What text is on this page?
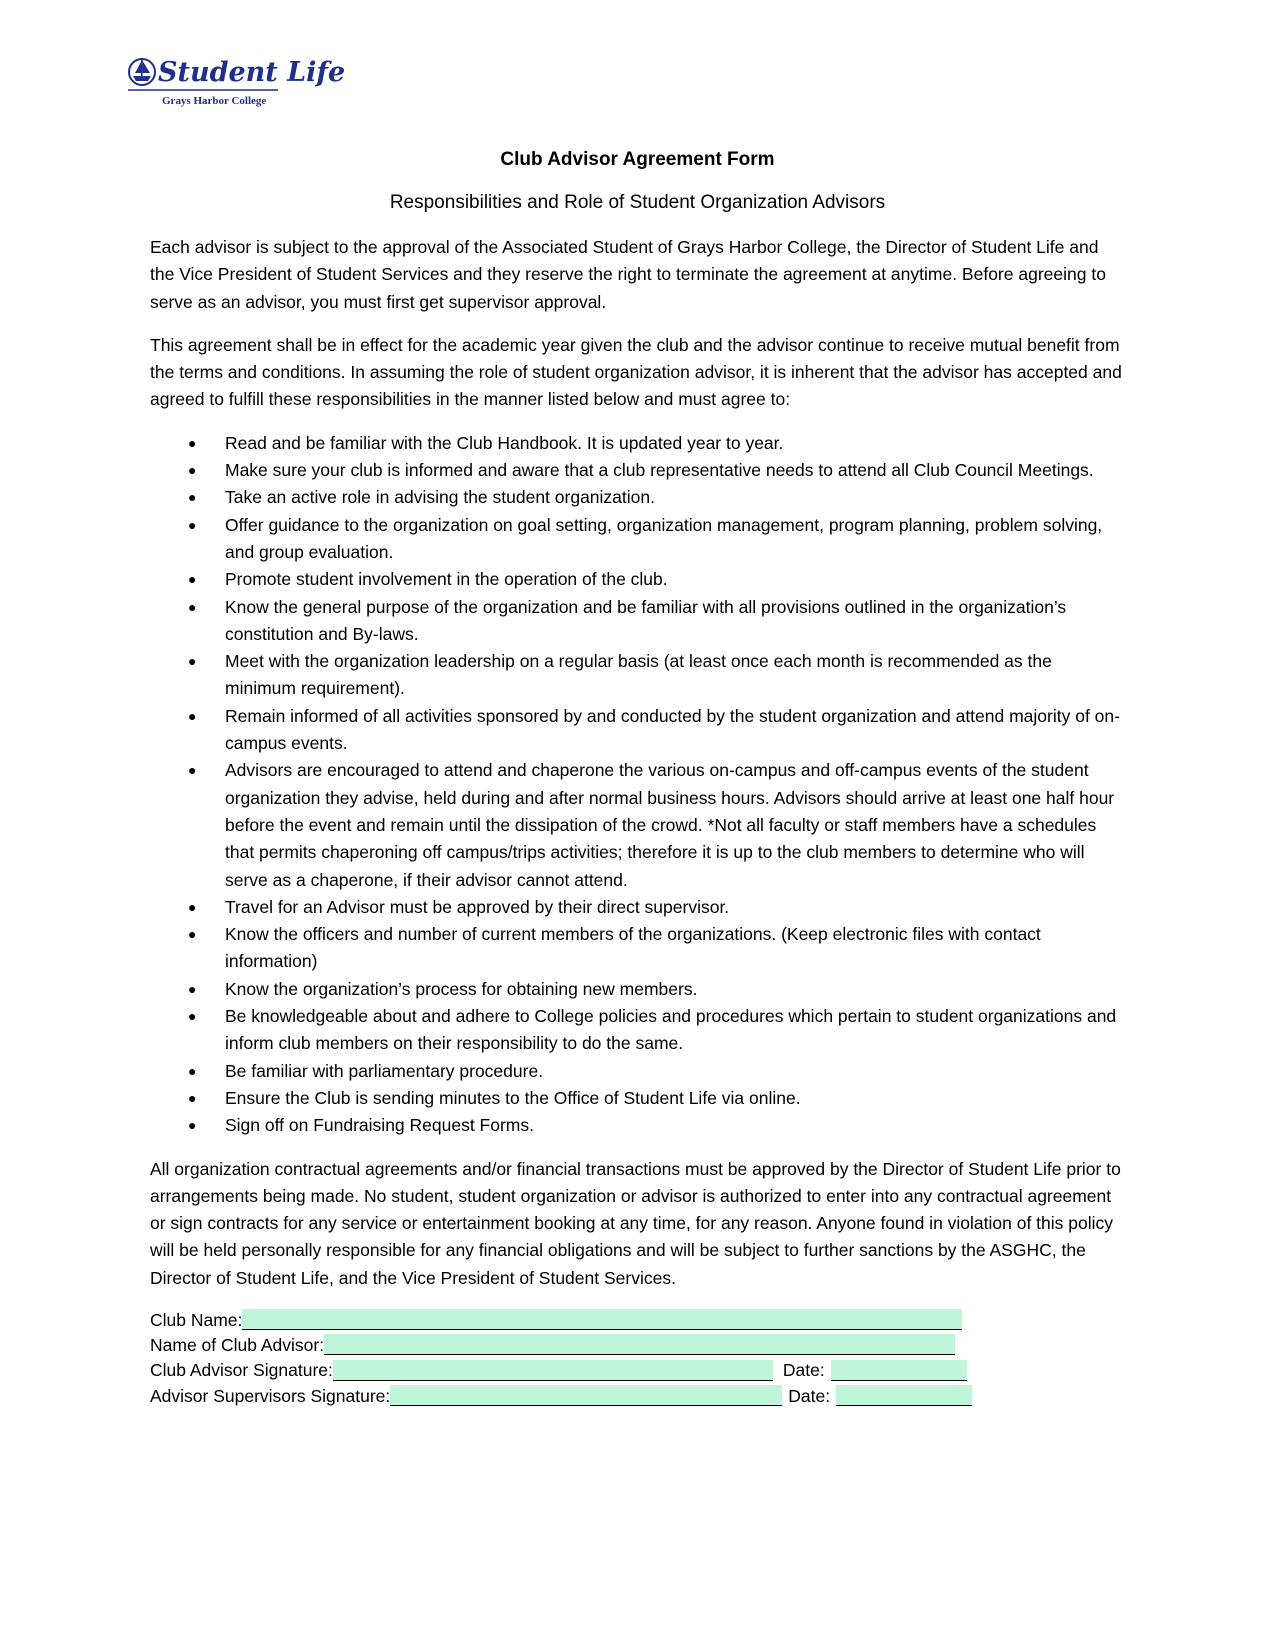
Student Life
Grays Harbor College
Club Advisor Agreement Form
Responsibilities and Role of Student Organization Advisors

Each advisor is subject to the approval of the Associated Student of Grays Harbor College, the Director of Student Life and the Vice President of Student Services and they reserve the right to terminate the agreement at anytime. Before agreeing to serve as an advisor, you must first get supervisor approval.

This agreement shall be in effect for the academic year given the club and the advisor continue to receive mutual benefit from the terms and conditions. In assuming the role of student organization advisor, it is inherent that the advisor has accepted and agreed to fulfill these responsibilities in the manner listed below and must agree to:

● Read and be familiar with the Club Handbook. It is updated year to year.
● Make sure your club is informed and aware that a club representative needs to attend all Club Council Meetings.
● Take an active role in advising the student organization.
● Offer guidance to the organization on goal setting, organization management, program planning, problem solving, and group evaluation.
● Promote student involvement in the operation of the club.
● Know the general purpose of the organization and be familiar with all provisions outlined in the organization’s constitution and By-laws.
● Meet with the organization leadership on a regular basis (at least once each month is recommended as the minimum requirement).
● Remain informed of all activities sponsored by and conducted by the student organization and attend majority of on-campus events.
● Advisors are encouraged to attend and chaperone the various on-campus and off-campus events of the student organization they advise, held during and after normal business hours. Advisors should arrive at least one half hour before the event and remain until the dissipation of the crowd. *Not all faculty or staff members have a schedules that permits chaperoning off campus/trips activities; therefore it is up to the club members to determine who will serve as a chaperone, if their advisor cannot attend.
● Travel for an Advisor must be approved by their direct supervisor.
● Know the officers and number of current members of the organizations. (Keep electronic files with contact information)
● Know the organization’s process for obtaining new members.
● Be knowledgeable about and adhere to College policies and procedures which pertain to student organizations and inform club members on their responsibility to do the same.
● Be familiar with parliamentary procedure.
● Ensure the Club is sending minutes to the Office of Student Life via online.
● Sign off on Fundraising Request Forms.

All organization contractual agreements and/or financial transactions must be approved by the Director of Student Life prior to arrangements being made. No student, student organization or advisor is authorized to enter into any contractual agreement or sign contracts for any service or entertainment booking at any time, for any reason. Anyone found in violation of this policy will be held personally responsible for any financial obligations and will be subject to further sanctions by the ASGHC, the Director of Student Life, and the Vice President of Student Services.

Club Name:
Name of Club Advisor:
Club Advisor Signature:	Date:
Advisor Supervisors Signature:	Date:
